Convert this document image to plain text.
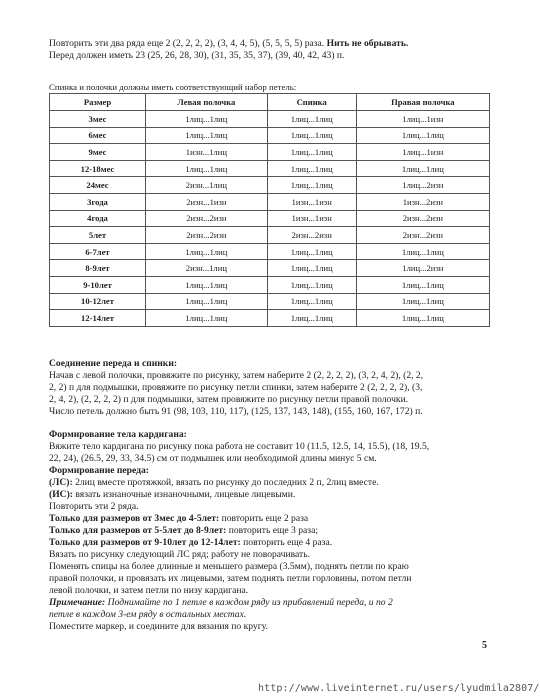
Повторить эти два ряда еще 2 (2, 2, 2, 2), (3, 4, 4, 5), (5, 5, 5, 5) раза. Нить не обрывать.

Перед должен иметь 23 (25, 26, 28, 30), (31, 35, 35, 37), (39, 40, 42, 43) п.

Спинка и полочки должны иметь соответствующий набор петель:
Размер	Левая полочка	Спинка	Правая полочка
3мес	1лиц...1лиц	1лиц...1лиц	1лиц...1изн
6мес	1лиц...1лиц	1лиц...1лиц	1лиц...1лиц
9мес	1изн...1лиц	1лиц...1лиц	1лиц...1изн
12-18мес	1лиц...1лиц	1лиц...1лиц	1лиц...1лиц
24мес	2изн...1лиц	1лиц...1лиц	1лиц...2изн
3года	2изн...1изн	1изн...1изн	1изн...2изн
4года	2изн...2изн	1изн...1изн	2изн...2изн
5лет	2изн...2изн	2изн...2изн	2изн...2изн
6-7лет	1лиц...1лиц	1лиц...1лиц	1лиц...1лиц
8-9лет	2изн...1лиц	1лиц...1лиц	1лиц...2изн
9-10лет	1лиц...1лиц	1лиц...1лиц	1лиц...1лиц
10-12лет	1лиц...1лиц	1лиц...1лиц	1лиц...1лиц
12-14лет	1лиц...1лиц	1лиц...1лиц	1лиц...1лиц

Соединение переда и спинки:

Начав с левой полочки, провяжите по рисунку, затем наберите 2 (2, 2, 2, 2), (3, 2, 4, 2), (2, 2,

2, 2) п для подмышки, провяжите по рисунку петли спинки, затем наберите 2 (2, 2, 2, 2), (3,

2, 4, 2), (2, 2, 2, 2) п для подмышки, затем провяжите по рисунку петли правой полочки.

Число петель должно быть 91 (98, 103, 110, 117), (125, 137, 143, 148), (155, 160, 167, 172) п.

Формирование тела кардигана:

Вяжите тело кардигана по рисунку пока работа не составит 10 (11.5, 12.5, 14, 15.5), (18, 19.5,

22, 24), (26.5, 29, 33, 34.5) см от подмышек или необходимой длины минус 5 см.

Формирование переда:

(ЛС): 2лиц вместе протяжкой, вязать по рисунку до последних 2 п, 2лиц вместе.

(ИС): вязать изнаночные изнаночными, лицевые лицевыми.

Повторить эти 2 ряда.

Только для размеров от 3мес до 4-5лет: повторить еще 2 раза

Только для размеров от 5-5лет до 8-9лет: повторить еще 3 раза;

Только для размеров от 9-10лет до 12-14лет: повторить еще 4 раза.

Вязать по рисунку следующий ЛС ряд; работу не поворачивать.

Поменять спицы на более длинные и меньшего размера (3.5мм), поднять петли по краю

правой полочки, и провязать их лицевыми, затем поднять петли горловины, потом петли

левой полочки, и затем петли по низу кардигана.

Примечание: Поднимайте по 1 петле в каждом ряду из прибавлений переда, и по 2

петле в каждом 3-ем ряду в остальных местах.

Поместите маркер, и соедините для вязания по кругу.

5
http://www.liveinternet.ru/users/lyudmila2807/
